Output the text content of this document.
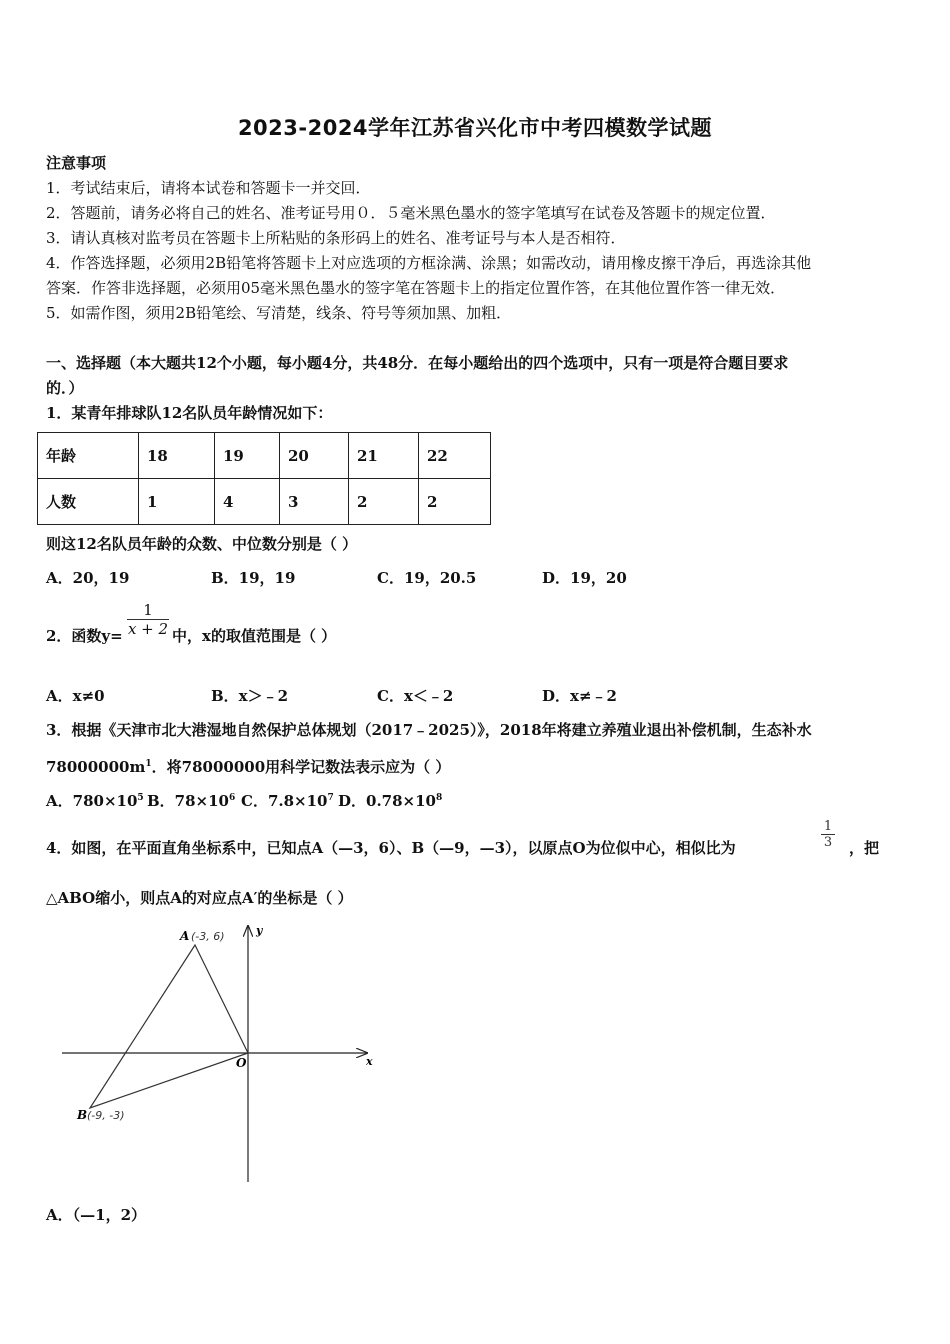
2023-2024学年江苏省兴化市中考四模数学试题
注意事项
1．考试结束后，请将本试卷和答题卡一并交回．
2．答题前，请务必将自己的姓名、准考证号用０．５毫米黑色墨水的签字笔填写在试卷及答题卡的规定位置．
3．请认真核对监考员在答题卡上所粘贴的条形码上的姓名、准考证号与本人是否相符．
4．作答选择题，必须用2B铅笔将答题卡上对应选项的方框涂满、涂黑；如需改动，请用橡皮擦干净后，再选涂其他
答案．作答非选择题，必须用05毫米黑色墨水的签字笔在答题卡上的指定位置作答，在其他位置作答一律无效．
5．如需作图，须用2B铅笔绘、写清楚，线条、符号等须加黑、加粗．
一、选择题（本大题共12个小题，每小题4分，共48分．在每小题给出的四个选项中，只有一项是符合题目要求
的．）
1．某青年排球队12名队员年龄情况如下：
年龄	18	19	20	21	22
人数	1	4	3	2	2
则这12名队员年龄的众数、中位数分别是（ ）
A．20，19	B．19，19	C．19，20.5	D．19，20
2．函数$y= \frac{1}{x + 2}$ 中，x的取值范围是（ ）
A．x≠0	B．x＞﹣2	C．x＜﹣2	D．x≠﹣2
3．根据《天津市北大港湿地自然保护总体规划（2017﹣2025）》，2018年将建立养殖业退出补偿机制，生态补水
$78000000m^1$．将78000000用科学记数法表示应为（ ）
A．$780\times 10^5$ B．$78\times 10^6$ C．$7.8\times 10^7$ D．$0.78\times 10^8$
4．如图，在平面直角坐标系中，已知点A（—3，6）、B（—9，—3），以原点O为位似中心，相似比为	$\frac{1}{3}$ ，把
△ABO缩小，则点A的对应点A′的坐标是（ ）
A (-3, 6)
B (-9, -3)
O	x
y
A．（—1，2）
